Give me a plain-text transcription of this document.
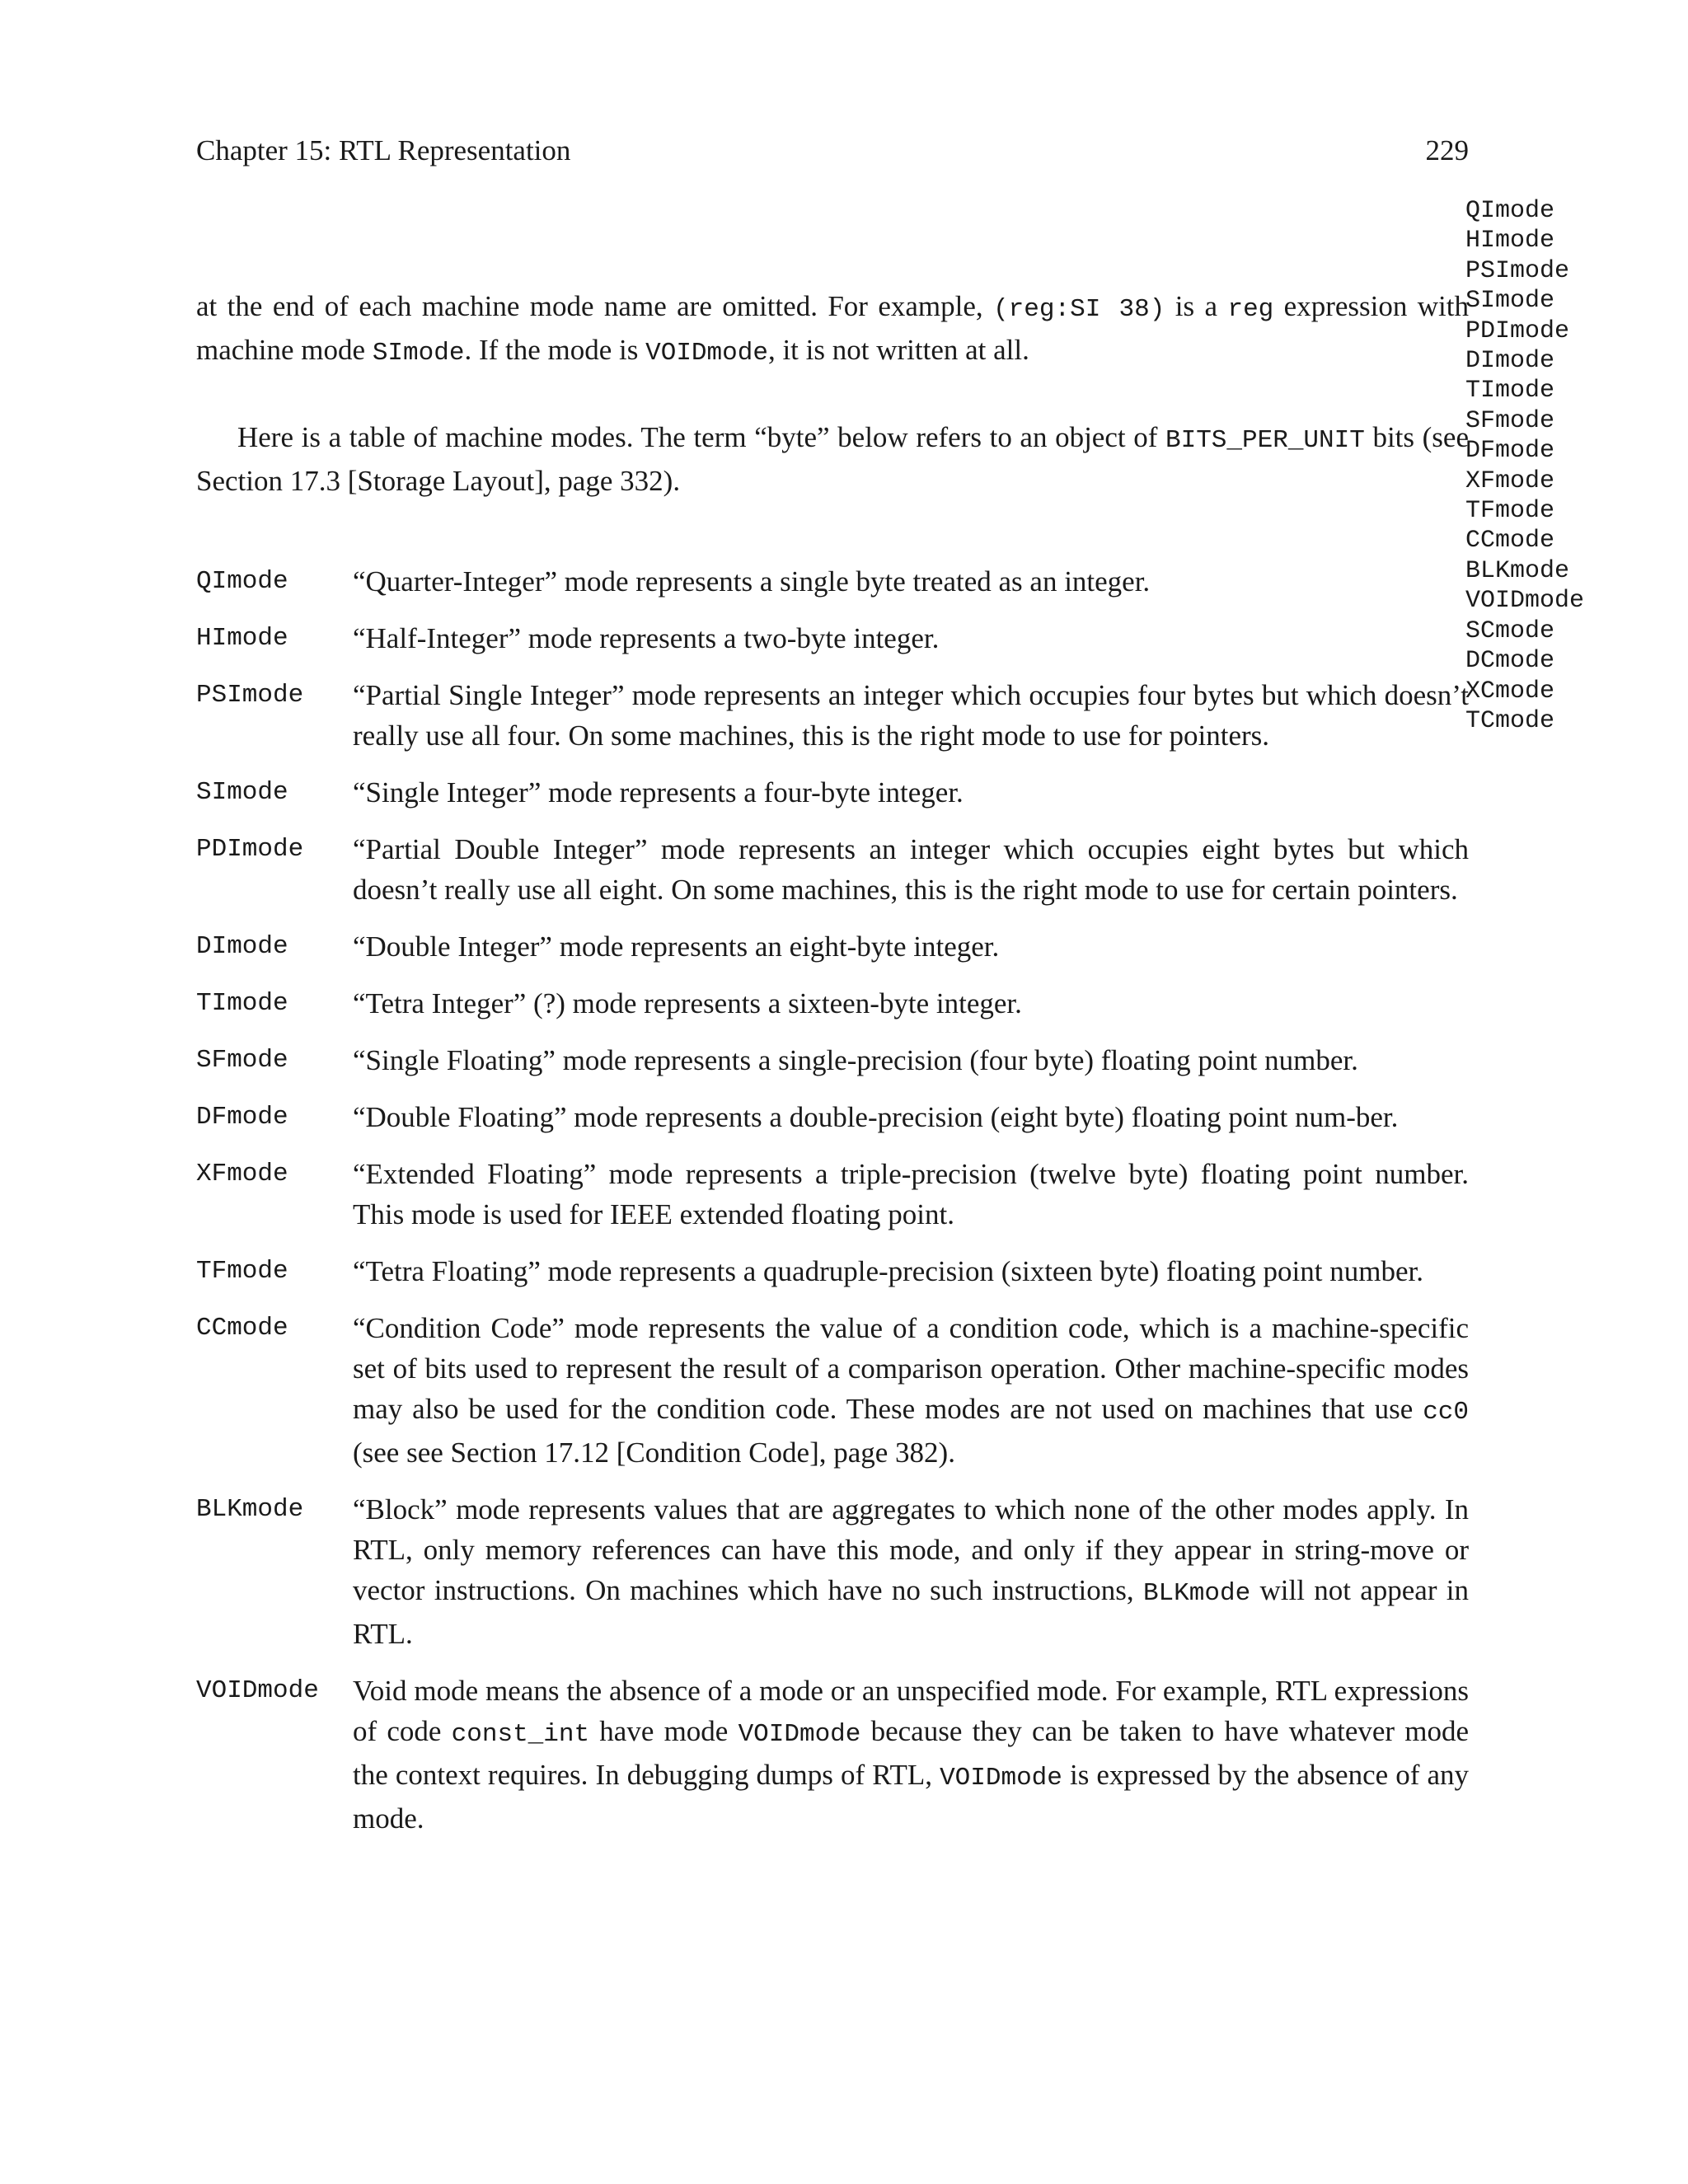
Chapter 15: RTL Representation	229
QImode
HImode
PSImode
SImode
PDImode
DImode
TImode
SFmode
DFmode
XFmode
TFmode
CCmode
BLKmode
VOIDmode
SCmode
DCmode
XCmode
TCmode
at the end of each machine mode name are omitted. For example, (reg:SI 38) is a reg expression with machine mode SImode. If the mode is VOIDmode, it is not written at all.
Here is a table of machine modes. The term “byte” below refers to an object of BITS_PER_UNIT bits (see Section 17.3 [Storage Layout], page 332).
QImode “Quarter-Integer” mode represents a single byte treated as an integer.
HImode “Half-Integer” mode represents a two-byte integer.
PSImode “Partial Single Integer” mode represents an integer which occupies four bytes but which doesn’t really use all four. On some machines, this is the right mode to use for pointers.
SImode “Single Integer” mode represents a four-byte integer.
PDImode “Partial Double Integer” mode represents an integer which occupies eight bytes but which doesn’t really use all eight. On some machines, this is the right mode to use for certain pointers.
DImode “Double Integer” mode represents an eight-byte integer.
TImode “Tetra Integer” (?) mode represents a sixteen-byte integer.
SFmode “Single Floating” mode represents a single-precision (four byte) floating point number.
DFmode “Double Floating” mode represents a double-precision (eight byte) floating point num-ber.
XFmode “Extended Floating” mode represents a triple-precision (twelve byte) floating point number. This mode is used for IEEE extended floating point.
TFmode “Tetra Floating” mode represents a quadruple-precision (sixteen byte) floating point number.
CCmode “Condition Code” mode represents the value of a condition code, which is a machine-specific set of bits used to represent the result of a comparison operation. Other machine-specific modes may also be used for the condition code. These modes are not used on machines that use cc0 (see see Section 17.12 [Condition Code], page 382).
BLKmode “Block” mode represents values that are aggregates to which none of the other modes apply. In RTL, only memory references can have this mode, and only if they appear in string-move or vector instructions. On machines which have no such instructions, BLKmode will not appear in RTL.
VOIDmode Void mode means the absence of a mode or an unspecified mode. For example, RTL expressions of code const_int have mode VOIDmode because they can be taken to have whatever mode the context requires. In debugging dumps of RTL, VOIDmode is expressed by the absence of any mode.
